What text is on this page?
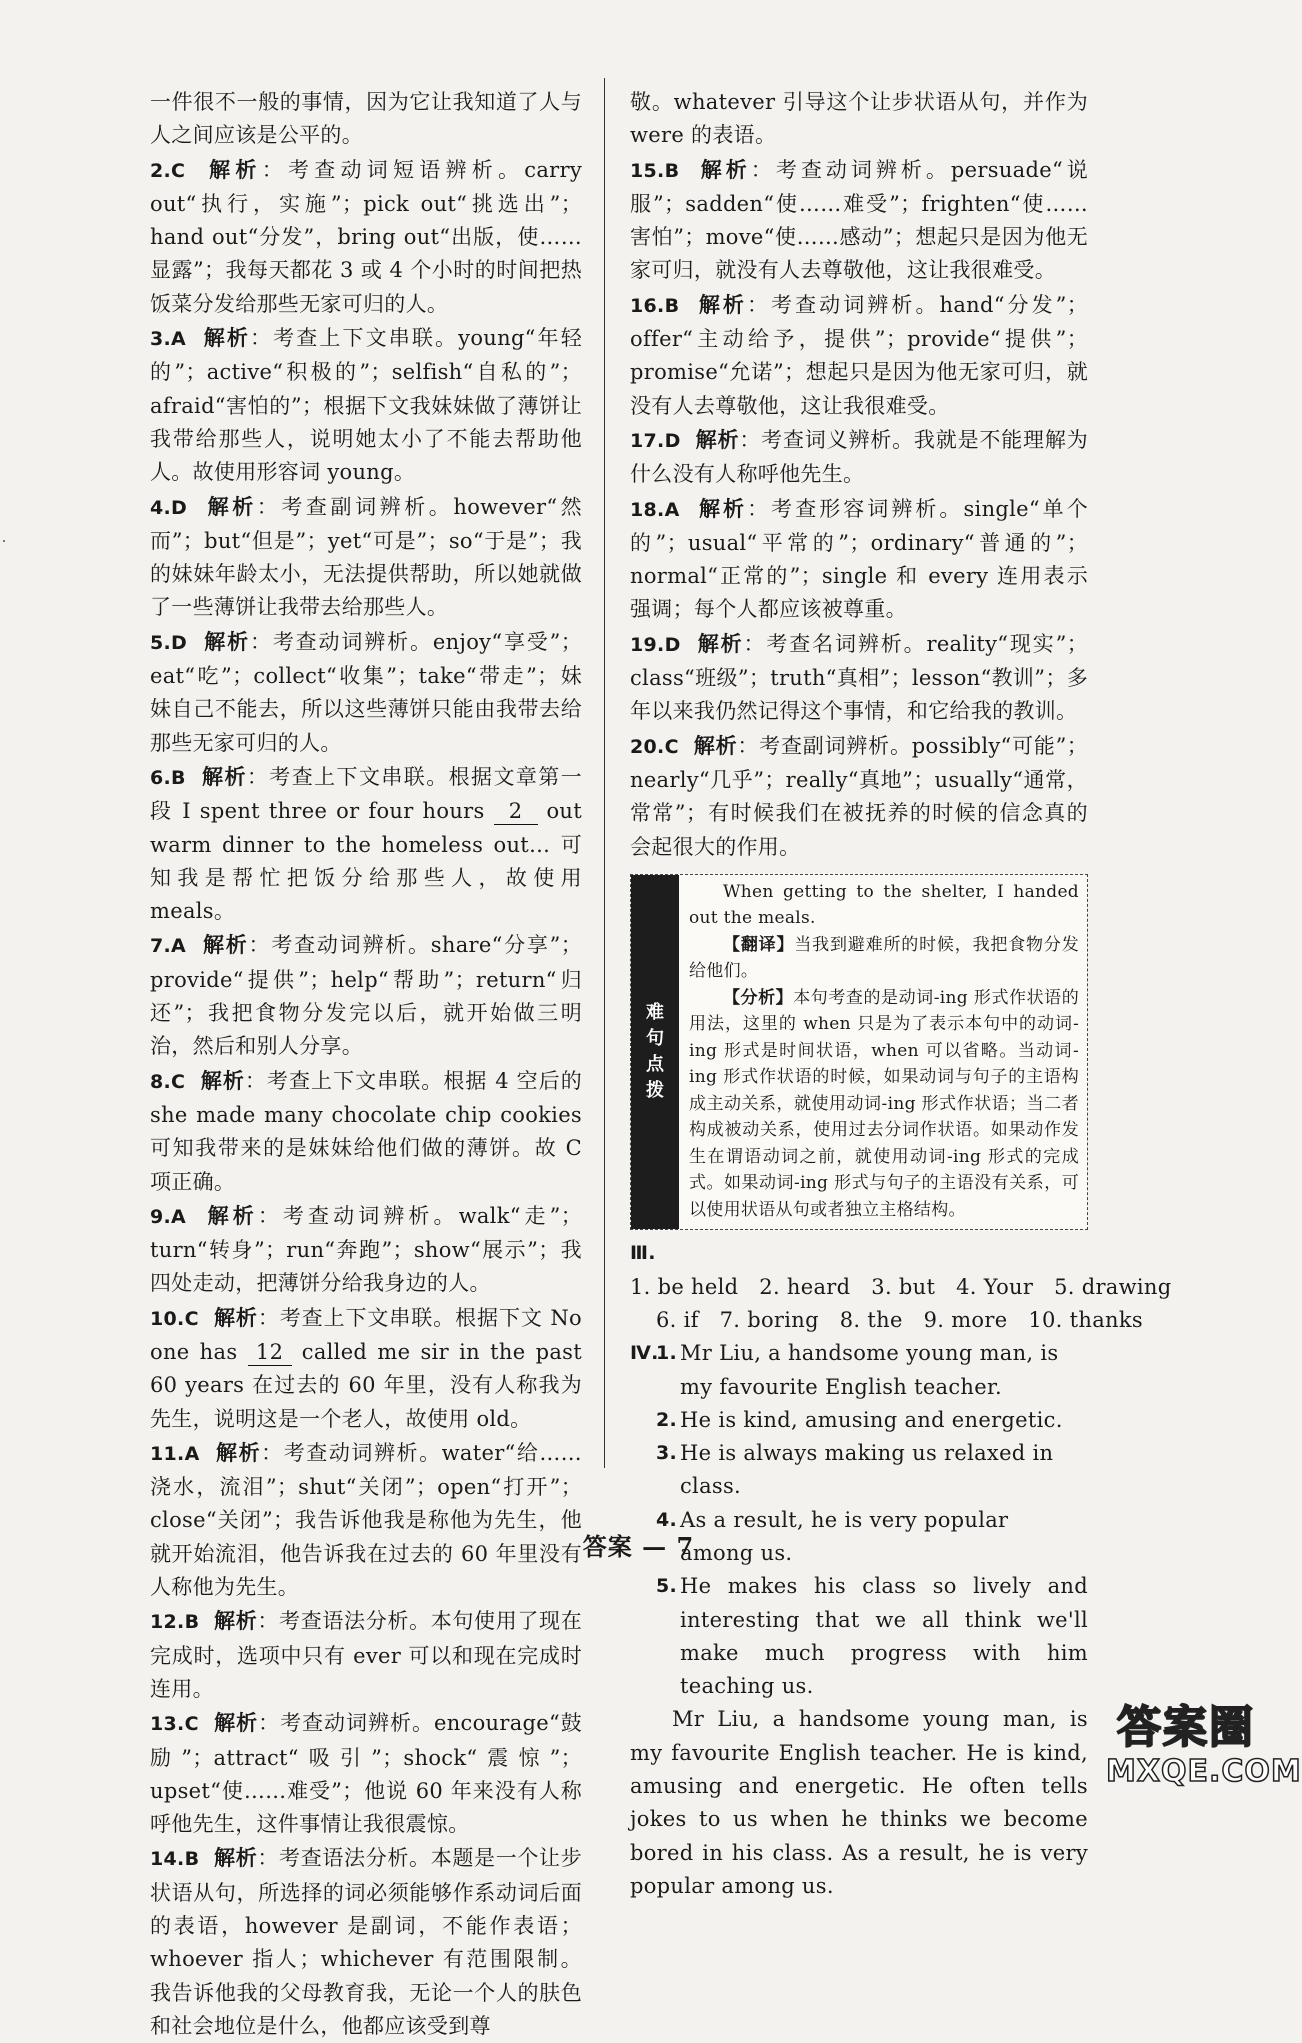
一件很不一般的事情，因为它让我知道了人与人之间应该是公平的。

2.C 解析：考查动词短语辨析。carry out“执行，实施”；pick out“挑选出”；hand out“分发”，bring out“出版，使……显露”；我每天都花 3 或 4 个小时的时间把热饭菜分发给那些无家可归的人。

3.A 解析：考查上下文串联。young“年轻的”；active“积极的”；selfish“自私的”；afraid“害怕的”；根据下文我妹妹做了薄饼让我带给那些人，说明她太小了不能去帮助他人。故使用形容词 young。

4.D 解析：考查副词辨析。however“然而”；but“但是”；yet“可是”；so“于是”；我的妹妹年龄太小，无法提供帮助，所以她就做了一些薄饼让我带去给那些人。

5.D 解析：考查动词辨析。enjoy“享受”；eat“吃”；collect“收集”；take“带走”；妹妹自己不能去，所以这些薄饼只能由我带去给那些无家可归的人。

6.B 解析：考查上下文串联。根据文章第一段 I spent three or four hours 2 out warm dinner to the homeless out… 可知我是帮忙把饭分给那些人，故使用 meals。

7.A 解析：考查动词辨析。share“分享”；provide“提供”；help“帮助”；return“归还”；我把食物分发完以后，就开始做三明治，然后和别人分享。

8.C 解析：考查上下文串联。根据 4 空后的 she made many chocolate chip cookies 可知我带来的是妹妹给他们做的薄饼。故 C 项正确。

9.A 解析：考查动词辨析。walk“走”；turn“转身”；run“奔跑”；show“展示”；我四处走动，把薄饼分给我身边的人。

10.C 解析：考查上下文串联。根据下文 No one has 12 called me sir in the past 60 years 在过去的 60 年里，没有人称我为先生，说明这是一个老人，故使用 old。

11.A 解析：考查动词辨析。water“给……浇水，流泪”；shut“关闭”；open“打开”；close“关闭”；我告诉他我是称他为先生，他就开始流泪，他告诉我在过去的 60 年里没有人称他为先生。

12.B 解析：考查语法分析。本句使用了现在完成时，选项中只有 ever 可以和现在完成时连用。

13.C 解析：考查动词辨析。encourage“鼓励”；attract“吸引”；shock“震惊”；upset“使……难受”；他说 60 年来没有人称呼他先生，这件事情让我很震惊。

14.B 解析：考查语法分析。本题是一个让步状语从句，所选择的词必须能够作系动词后面的表语，however 是副词，不能作表语；whoever 指人；whichever 有范围限制。我告诉他我的父母教育我，无论一个人的肤色和社会地位是什么，他都应该受到尊

敬。whatever 引导这个让步状语从句，并作为 were 的表语。

15.B 解析：考查动词辨析。persuade“说服”；sadden“使……难受”；frighten“使……害怕”；move“使……感动”；想起只是因为他无家可归，就没有人去尊敬他，这让我很难受。

16.B 解析：考查动词辨析。hand“分发”；offer“主动给予，提供”；provide“提供”；promise“允诺”；想起只是因为他无家可归，就没有人去尊敬他，这让我很难受。

17.D 解析：考查词义辨析。我就是不能理解为什么没有人称呼他先生。

18.A 解析：考查形容词辨析。single“单个的”；usual“平常的”；ordinary“普通的”；normal“正常的”；single 和 every 连用表示强调；每个人都应该被尊重。

19.D 解析：考查名词辨析。reality“现实”；class“班级”；truth“真相”；lesson“教训”；多年以来我仍然记得这个事情，和它给我的教训。

20.C 解析：考查副词辨析。possibly“可能”；nearly“几乎”；really“真地”；usually“通常，常常”；有时候我们在被抚养的时候的信念真的会起很大的作用。

难
句
点
拨

When getting to the shelter, I handed out the meals.

【翻译】当我到避难所的时候，我把食物分发给他们。

【分析】本句考查的是动词-ing 形式作状语的用法，这里的 when 只是为了表示本句中的动词-ing 形式是时间状语，when 可以省略。当动词-ing 形式作状语的时候，如果动词与句子的主语构成主动关系，就使用动词-ing 形式作状语；当二者构成被动关系，使用过去分词作状语。如果动作发生在谓语动词之前，就使用动词-ing 形式的完成式。如果动词-ing 形式与句子的主语没有关系，可以使用状语从句或者独立主格结构。

Ⅲ.1. be held   2. heard   3. but   4. Your   5. drawing

6. if   7. boring   8. the   9. more   10. thanks

Ⅳ.
1. Mr Liu, a handsome young man, is my favourite English teacher.

2. He is kind, amusing and energetic.

3. He is always making us relaxed in class.

4. As a result, he is very popular among us.

5. He makes his class so lively and interesting that we all think we'll make much progress with him teaching us.

Mr Liu, a handsome young man, is my favourite English teacher. He is kind, amusing and energetic. He often tells jokes to us when he thinks we become bored in his class. As a result, he is very popular among us.

答案 — 7
答案圈
MXQE.COM
